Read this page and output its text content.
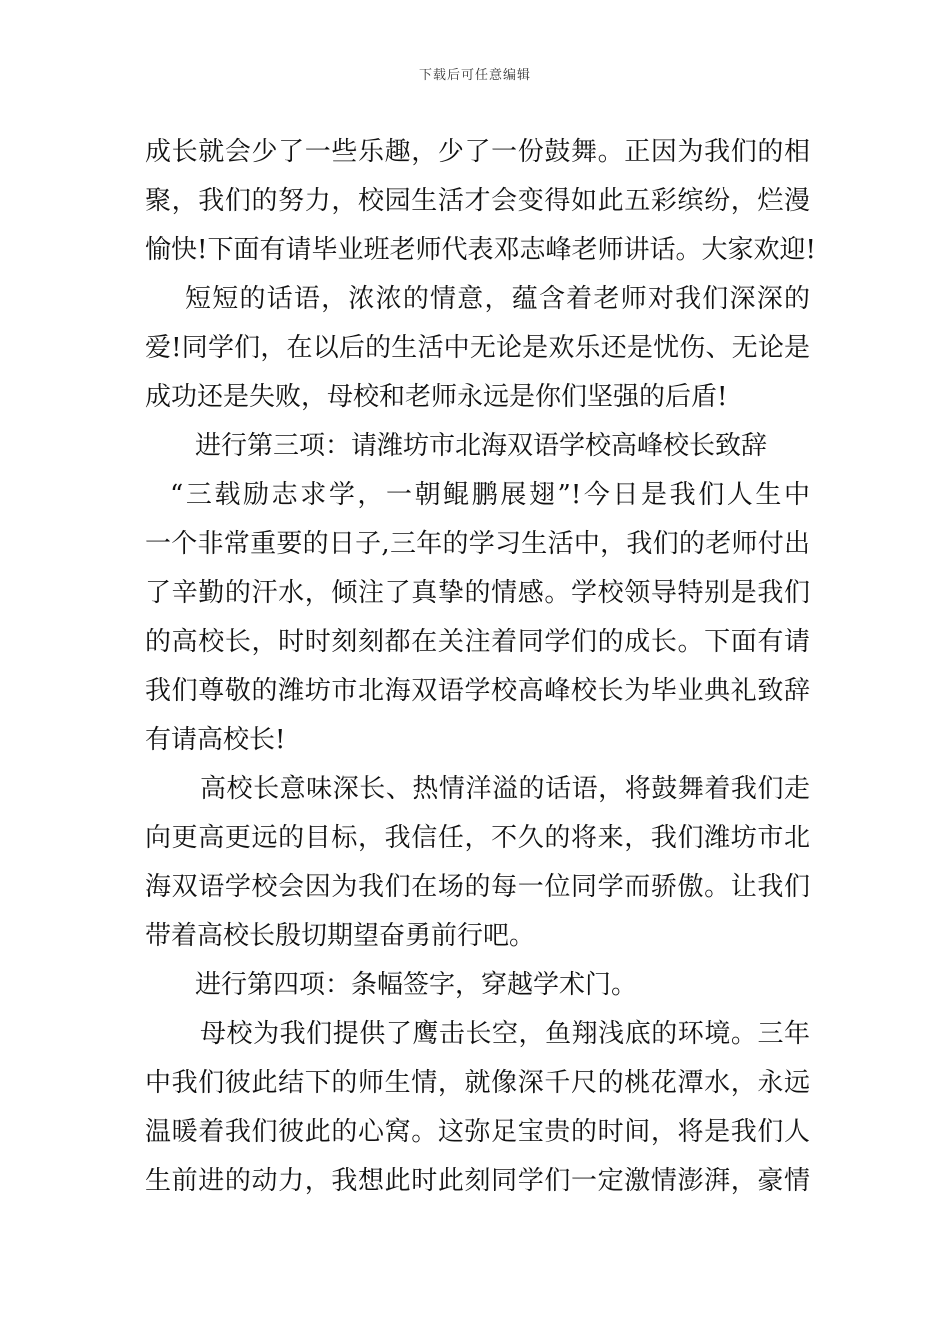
下载后可任意编辑
成长就会少了一些乐趣，少了一份鼓舞。正因为我们的相
聚，我们的努力，校园生活才会变得如此五彩缤纷，烂漫
愉快!下面有请毕业班老师代表邓志峰老师讲话。大家欢迎!
短短的话语，浓浓的情意，蕴含着老师对我们深深的
爱!同学们，在以后的生活中无论是欢乐还是忧伤、无论是
成功还是失败，母校和老师永远是你们坚强的后盾!
进行第三项：请潍坊市北海双语学校高峰校长致辞
“三载励志求学，一朝鲲鹏展翅”!今日是我们人生中
一个非常重要的日子,三年的学习生活中，我们的老师付出
了辛勤的汗水，倾注了真挚的情感。学校领导特别是我们
的高校长，时时刻刻都在关注着同学们的成长。下面有请
我们尊敬的潍坊市北海双语学校高峰校长为毕业典礼致辞
有请高校长!
高校长意味深长、热情洋溢的话语，将鼓舞着我们走
向更高更远的目标，我信任，不久的将来，我们潍坊市北
海双语学校会因为我们在场的每一位同学而骄傲。让我们
带着高校长殷切期望奋勇前行吧。
进行第四项：条幅签字，穿越学术门。
母校为我们提供了鹰击长空，鱼翔浅底的环境。三年
中我们彼此结下的师生情，就像深千尺的桃花潭水，永远
温暖着我们彼此的心窝。这弥足宝贵的时间，将是我们人
生前进的动力，我想此时此刻同学们一定激情澎湃，豪情
